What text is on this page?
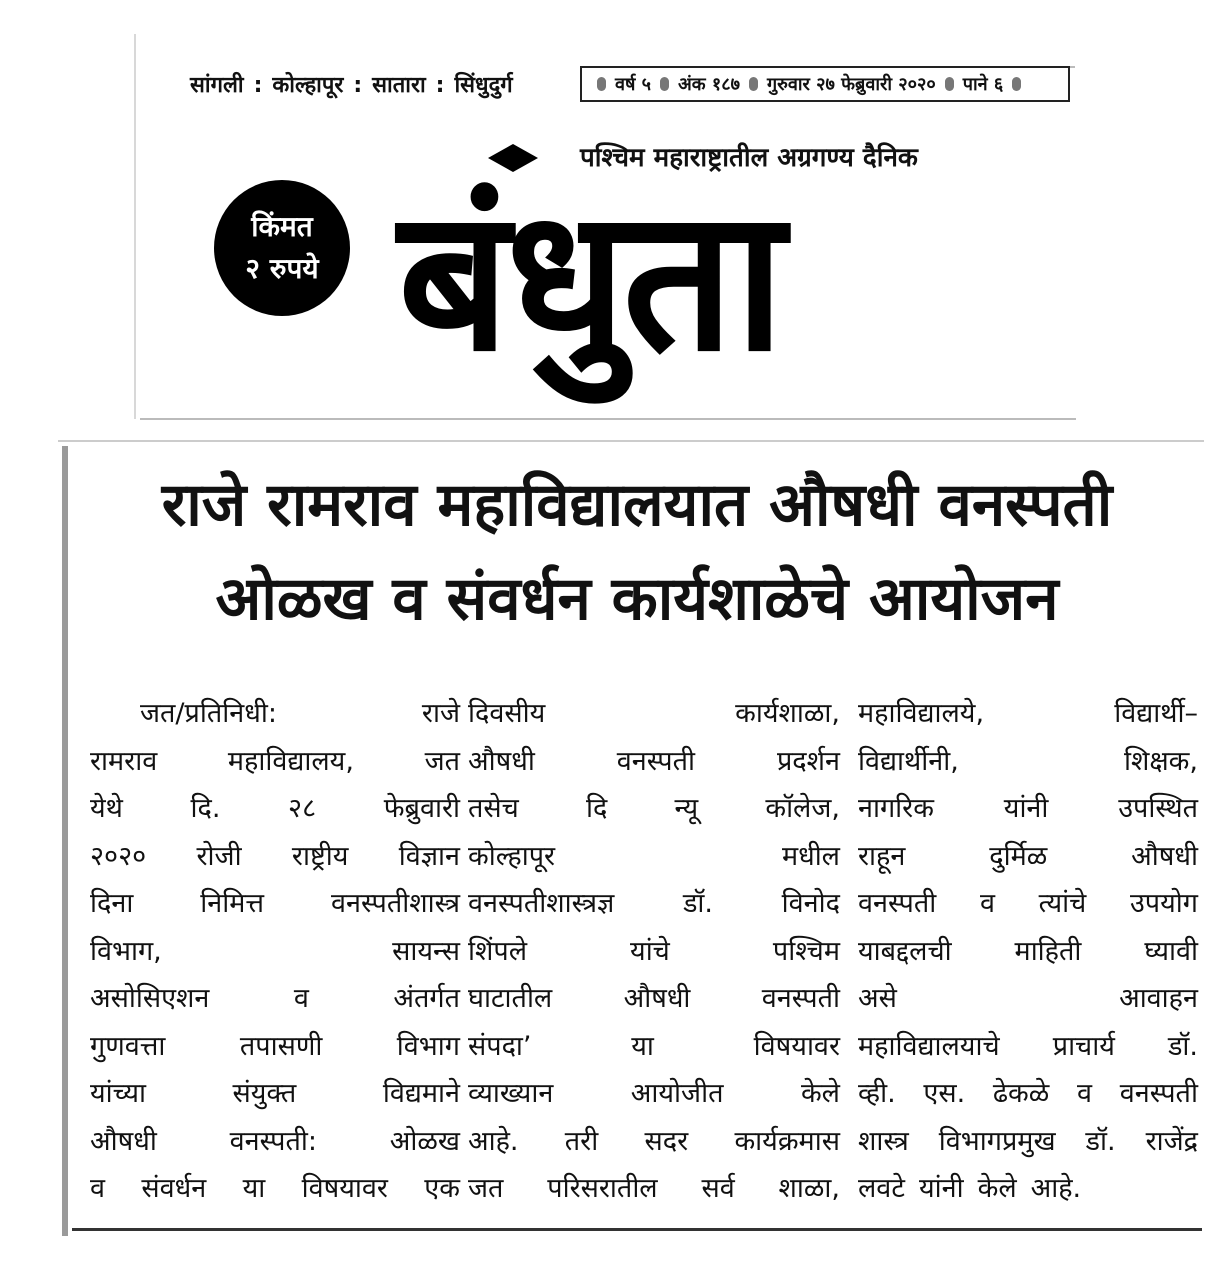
सांगली : कोल्हापूर : सातारा : सिंधुदुर्ग	वर्ष ५ अंक १८७ गुरुवार २७ फेब्रुवारी २०२० पाने ६
पश्चिम महाराष्ट्रातील अग्रगण्य दैनिक
किंमत
२ रुपये बंधुता
राजे रामराव महाविद्यालयात औषधी वनस्पती
ओळख व संवर्धन कार्यशाळेचे आयोजन
जत/प्रतिनिधी:	राजे
रामराव	महाविद्यालय,	जत
येथे	दि.	२८	फेब्रुवारी
२०२० रोजी राष्ट्रीय विज्ञान
दिना निमित्त वनस्पतीशास्त्र
विभाग,	सायन्स
असोसिएशन	व	अंतर्गत
गुणवत्ता	तपासणी	विभाग
यांच्या	संयुक्त	विद्यमाने
औषधी	वनस्पती:	ओळख
व संवर्धन या विषयावर एक
दिवसीय	कार्यशाळा,
औषधी	वनस्पती	प्रदर्शन
तसेच दि न्यू कॉलेज,
कोल्हापूर	मधील
वनस्पतीशास्त्रज्ञ	डॉ.	विनोद
शिंपले	यांचे	पश्चिम
घाटातील	औषधी	वनस्पती
संपदा’	या	विषयावर
व्याख्यान	आयोजीत	केले
आहे. तरी सदर कार्यक्रमास
जत परिसरातील सर्व शाळा,
महाविद्यालये,	विद्यार्थी–
विद्यार्थीनी,	शिक्षक,
नागरिक	यांनी	उपस्थित
राहून	दुर्मिळ	औषधी
वनस्पती व त्यांचे उपयोग
याबद्दलची माहिती घ्यावी
असे	आवाहन
महाविद्यालयाचे प्राचार्य डॉ.
व्ही. एस. ढेकळे व वनस्पती
शास्त्र विभागप्रमुख डॉ. राजेंद्र
लवटे यांनी केले आहे.
